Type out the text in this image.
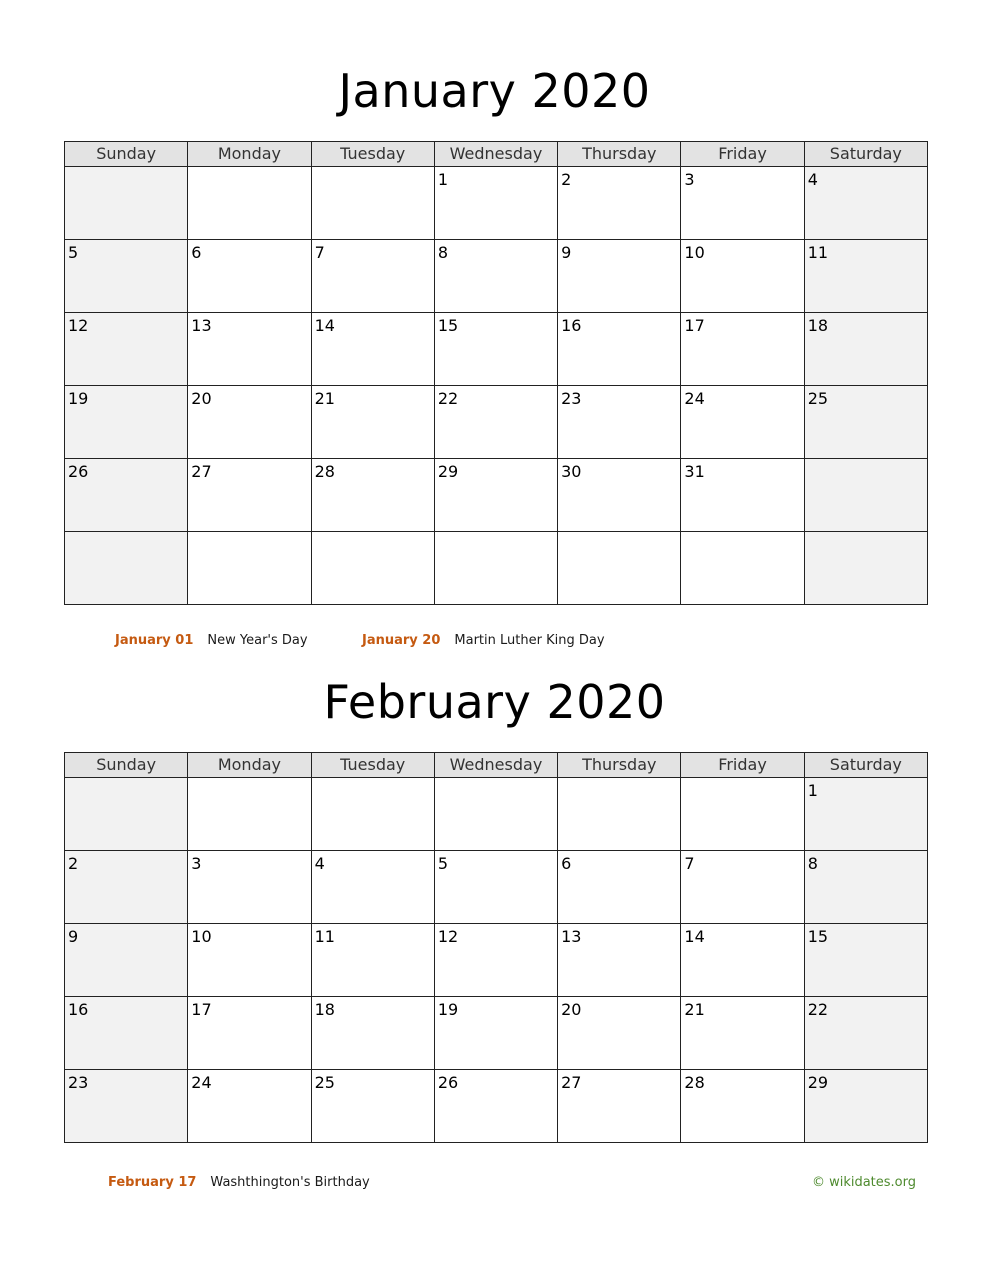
January 2020
Sunday	Monday	Tuesday	Wednesday	Thursday	Friday	Saturday

			1	2	3	4

5	6	7	8	9	10	11

12	13	14	15	16	17	18

19	20	21	22	23	24	25

26	27	28	29	30	31	

January 01 New Year's Day	January 20 Martin Luther King Day
February 2020
Sunday	Monday	Tuesday	Wednesday	Thursday	Friday	Saturday

						1

2	3	4	5	6	7	8

9	10	11	12	13	14	15

16	17	18	19	20	21	22

23	24	25	26	27	28	29
February 17 Washthington's Birthday	© wikidates.org
